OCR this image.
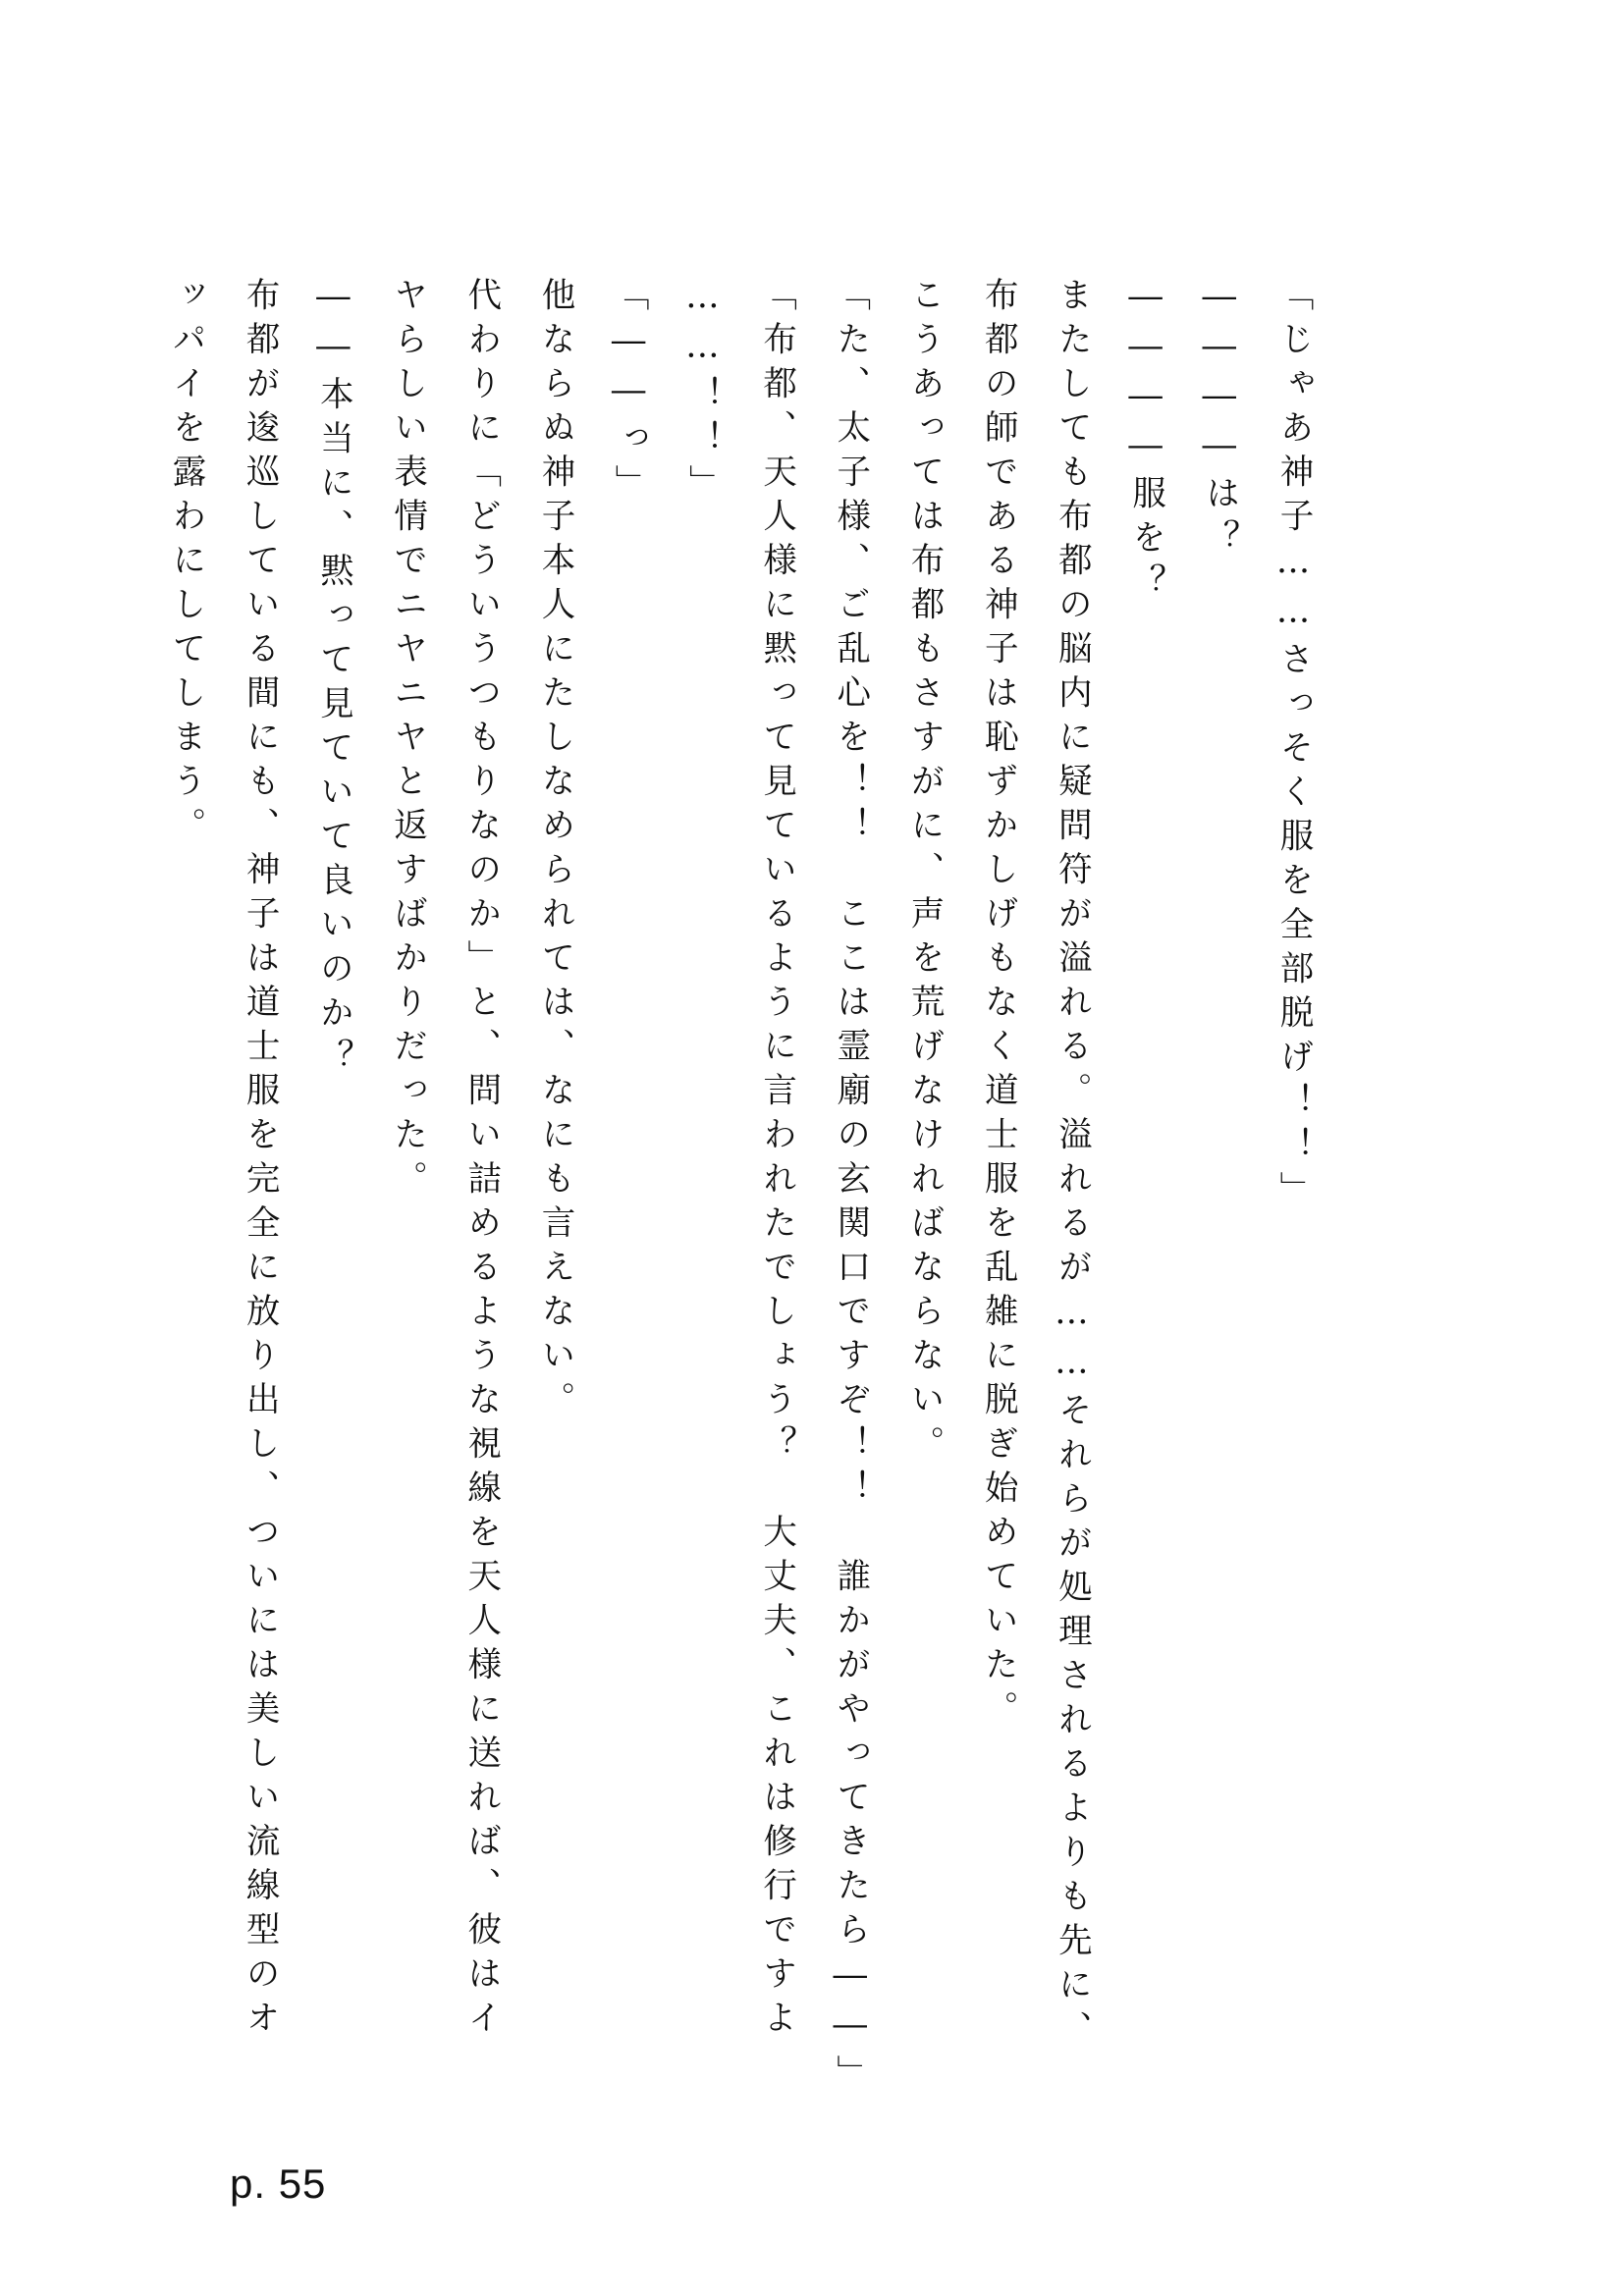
「じゃあ神子……さっそく服を全部脱げ！！」
――――は？
――――服を？
またしても布都の脳内に疑問符が溢れる。溢れるが……それらが処理されるよりも先に、
布都の師である神子は恥ずかしげもなく道士服を乱雑に脱ぎ始めていた。
こうあっては布都もさすがに、声を荒げなければならない。
「た、太子様、ご乱心を！！　ここは霊廟の玄関口ですぞ！！　誰かがやってきたら――」
「布都、天人様に黙って見ているように言われたでしょう？　大丈夫、これは修行ですよ
……！！」
「――っ」
他ならぬ神子本人にたしなめられては、なにも言えない。
代わりに「どういうつもりなのか」と、問い詰めるような視線を天人様に送れば、彼はイ
ヤらしい表情でニヤニヤと返すばかりだった。
――本当に、黙って見ていて良いのか？
布都が逡巡している間にも、神子は道士服を完全に放り出し、ついには美しい流線型のオ
ッパイを露わにしてしまう。
p. 55
